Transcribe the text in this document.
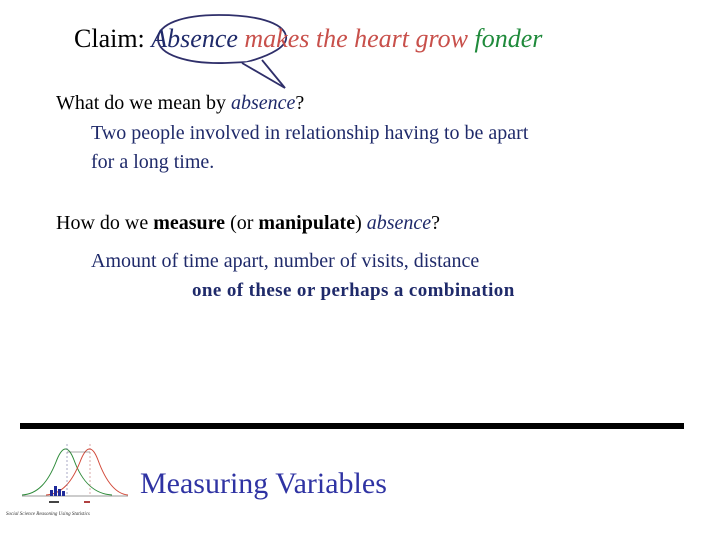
Claim: Absence makes the heart grow fonder
What do we mean by absence?
Two people involved in relationship having to be apart
for a long time.
How do we measure (or manipulate) absence?
Amount of time apart, number of visits, distance
one of these or perhaps a combination
Measuring Variables
Social Science Reasoning Using Statistics
